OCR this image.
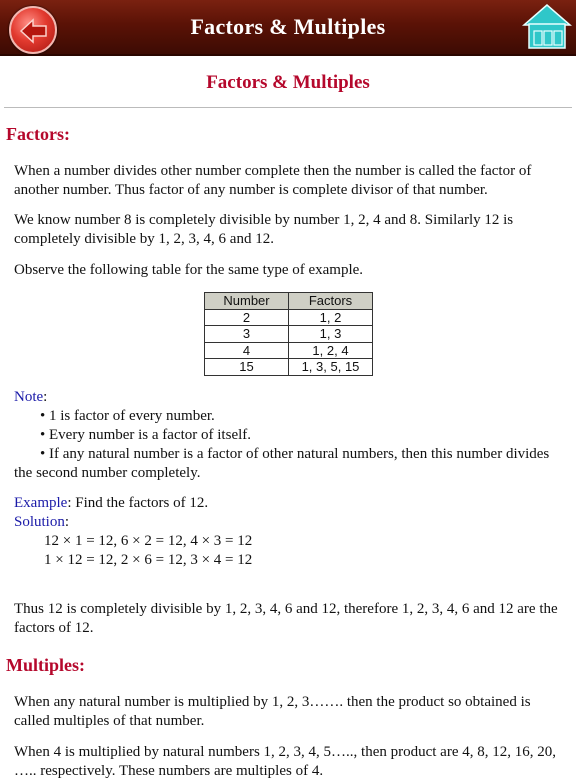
Factors & Multiples
Factors & Multiples
Factors:
When a number divides other number complete then the number is called the factor of another number. Thus factor of any number is complete divisor of that number.
We know number 8 is completely divisible by number 1, 2, 4 and 8. Similarly 12 is completely divisible by 1, 2, 3, 4, 6 and 12.
Observe the following table for the same type of example.
Number	Factors
2	1, 2
3	1, 3
4	1, 2, 4
15	1, 3, 5, 15
Note:
• 1 is factor of every number.
• Every number is a factor of itself.
• If any natural number is a factor of other natural numbers, then this number divides
the second number completely.
Example: Find the factors of 12.
Solution:
12 × 1 = 12, 6 × 2 = 12, 4 × 3 = 12
1 × 12 = 12, 2 × 6 = 12, 3 × 4 = 12
Thus 12 is completely divisible by 1, 2, 3, 4, 6 and 12, therefore 1, 2, 3, 4, 6 and 12 are the factors of 12.
Multiples:
When any natural number is multiplied by 1, 2, 3……. then the product so obtained is called multiples of that number.
When 4 is multiplied by natural numbers 1, 2, 3, 4, 5….., then product are 4, 8, 12, 16, 20, ….. respectively. These numbers are multiples of 4.
